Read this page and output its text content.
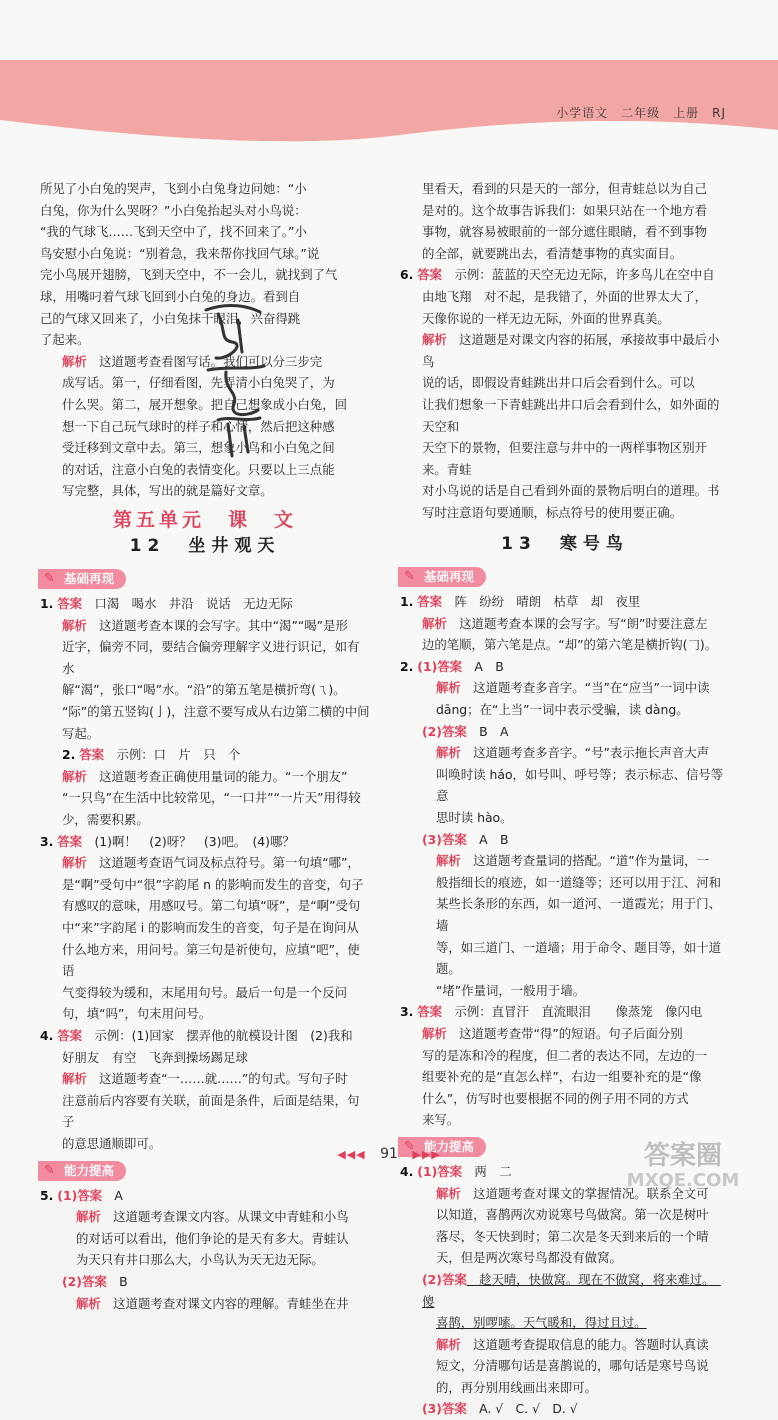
小学语文　二年级　上册　RJ
所见了小白兔的哭声，飞到小白兔身边问她：“小
白兔，你为什么哭呀？”小白兔抬起头对小鸟说：
“我的气球飞……飞到天空中了，找不回来了。”小
鸟安慰小白兔说：“别着急，我来帮你找回气球。”说
完小鸟展开翅膀，飞到天空中，不一会儿，就找到了气
球，用嘴叼着气球飞回到小白兔的身边。看到自
己的气球又回来了，小白兔抹干眼泪，兴奋得跳
了起来。

解析　这道题考查看图写话。我们可以分三步完
成写话。第一，仔细看图，先弄清小白兔哭了，为
什么哭。第二，展开想象。把自己想象成小白兔，回
想一下自己玩气球时的样子和心情，然后把这种感
受迁移到文章中去。第三，想象小鸟和小白兔之间
的对话，注意小白兔的表情变化。只要以上三点能
写完整，具体，写出的就是篇好文章。

第五单元　课　文
12　坐井观天
✎ 基础再现

1. 答案　口渴　喝水　井沿　说话　无边无际

解析　这道题考查本课的会写字。其中“渴”“喝”是形
近字，偏旁不同，要结合偏旁理解字义进行识记，如有水
解“渴”，张口“喝”水。“沿”的第五笔是横折弯(ㄟ)。
“际”的第五竖钩(亅)，注意不要写成从右边第二横的中间写起。

2. 答案　示例：口　片　只　个

解析　这道题考查正确使用量词的能力。“一个朋友”
“一只鸟”在生活中比较常见，“一口井”“一片天”用得较
少，需要积累。

3. 答案　(1)啊！　(2)呀？　(3)吧。　(4)哪？

解析　这道题考查语气词及标点符号。第一句填“哪”，
是“啊”受句中“很”字韵尾 n 的影响而发生的音变，句子
有感叹的意味，用感叹号。第二句填“呀”，是“啊”受句
中“来”字韵尾 i 的影响而发生的音变，句子是在询问从
什么地方来，用问号。第三句是祈使句，应填“吧”，使语
气变得较为缓和，末尾用句号。最后一句是一个反问
句，填“吗”，句末用问号。

4. 答案　示例：(1)回家　摆弄他的航模设计图　(2)我和

好朋友　有空　飞奔到操场踢足球

解析　这道题考查“一……就……”的句式。写句子时
注意前后内容要有关联，前面是条件，后面是结果，句子
的意思通顺即可。
✎ 能力提高

5. (1)答案　A

解析　这道题考查课文内容。从课文中青蛙和小鸟
的对话可以看出，他们争论的是天有多大。青蛙认
为天只有井口那么大，小鸟认为天无边无际。

(2)答案　B

解析　这道题考查对课文内容的理解。青蛙坐在井
里看天，看到的只是天的一部分，但青蛙总以为自己
是对的。这个故事告诉我们：如果只站在一个地方看
事物，就容易被眼前的一部分遮住眼睛，看不到事物
的全部，就要跳出去，看清楚事物的真实面目。

6. 答案　示例：蓝蓝的天空无边无际，许多鸟儿在空中自

由地飞翔　对不起，是我错了，外面的世界太大了，
天像你说的一样无边无际，外面的世界真美。
解析　这道题是对课文内容的拓展，承接故事中最后小鸟
说的话，即假设青蛙跳出井口后会看到什么。可以
让我们想象一下青蛙跳出井口后会看到什么，如外面的天空和
天空下的景物，但要注意与井中的一两样事物区别开来。青蛙
对小鸟说的话是自己看到外面的景物后明白的道理。书
写时注意语句要通顺，标点符号的使用要正确。
13　寒号鸟
✎ 基础再现

1. 答案　阵　纷纷　晴朗　枯草　却　夜里

解析　这道题考查本课的会写字。写“朗”时要注意左
边的笔顺，第六笔是点。“却”的第六笔是横折钩(𠃌)。

2. (1)答案　A　B

解析　这道题考查多音字。“当”在“应当”一词中读
dāng；在“上当”一词中表示受骗，读 dàng。

(2)答案　B　A

解析　这道题考查多音字。“号”表示拖长声音大声
叫唤时读 háo，如号叫、呼号等；表示标志、信号等意
思时读 hào。

(3)答案　A　B

解析　这道题考查量词的搭配。“道”作为量词，一
般指细长的痕迹，如一道缝等；还可以用于江、河和
某些长条形的东西，如一道河、一道霞光；用于门、墙
等，如三道门、一道墙；用于命令、题目等，如十道题。
“堵”作量词，一般用于墙。

3. 答案　示例：直冒汗　直流眼泪　　像蒸笼　像闪电

解析　这道题考查带“得”的短语。句子后面分别
写的是冻和冷的程度，但二者的表达不同，左边的一
组要补充的是“直怎么样”，右边一组要补充的是“像
什么”，仿写时也要根据不同的例子用不同的方式
来写。
✎ 能力提高

4. (1)答案　两　二

解析　这道题考查对课文的掌握情况。联系全文可
以知道，喜鹊两次劝说寒号鸟做窝。第一次是树叶
落尽，冬天快到时；第二次是冬天到来后的一个晴
天，但是两次寒号鸟都没有做窝。

(2)答案　趁天晴，快做窝。现在不做窝，将来难过。　傻

喜鹊，别啰嗦。天气暖和，得过且过。

解析　这道题考查提取信息的能力。答题时认真读
短文，分清哪句话是喜鹊说的，哪句话是寒号鸟说
的，再分别用线画出来即可。

(3)答案　A. √　C. √　D. √

◀◀◀ 91 ▶▶▶	答案圈
MXQE.COM
